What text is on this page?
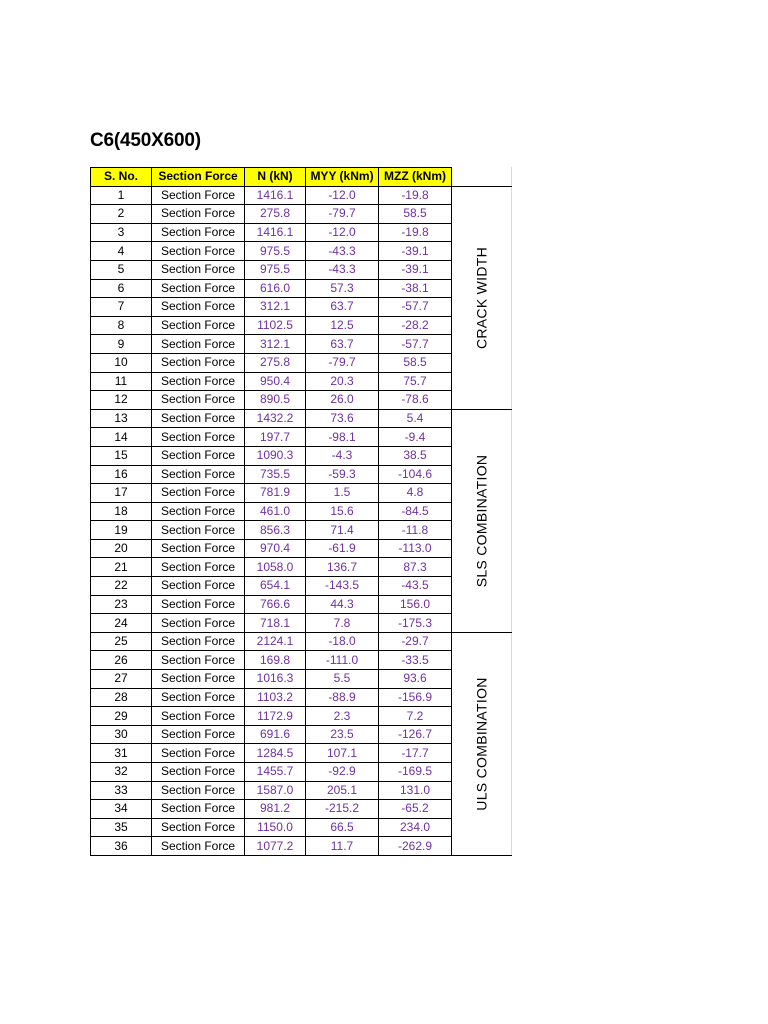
C6(450X600)
S. No.	Section Force	N (kN)	MYY (kNm)	MZZ (kNm)	
1	Section Force	1416.1	-12.0	-19.8	CRACK WIDTH

2	Section Force	275.8	-79.7	58.5	
3	Section Force	1416.1	-12.0	-19.8	
4	Section Force	975.5	-43.3	-39.1	
5	Section Force	975.5	-43.3	-39.1	
6	Section Force	616.0	57.3	-38.1	
7	Section Force	312.1	63.7	-57.7	
8	Section Force	1102.5	12.5	-28.2	
9	Section Force	312.1	63.7	-57.7	
10	Section Force	275.8	-79.7	58.5	
11	Section Force	950.4	20.3	75.7	
12	Section Force	890.5	26.0	-78.6	
13	Section Force	1432.2	73.6	5.4	SLS COMBINATION

14	Section Force	197.7	-98.1	-9.4	
15	Section Force	1090.3	-4.3	38.5	
16	Section Force	735.5	-59.3	-104.6	
17	Section Force	781.9	1.5	4.8	
18	Section Force	461.0	15.6	-84.5	
19	Section Force	856.3	71.4	-11.8	
20	Section Force	970.4	-61.9	-113.0	
21	Section Force	1058.0	136.7	87.3	
22	Section Force	654.1	-143.5	-43.5	
23	Section Force	766.6	44.3	156.0	
24	Section Force	718.1	7.8	-175.3	
25	Section Force	2124.1	-18.0	-29.7	ULS COMBINATION

26	Section Force	169.8	-111.0	-33.5	
27	Section Force	1016.3	5.5	93.6	
28	Section Force	1103.2	-88.9	-156.9	
29	Section Force	1172.9	2.3	7.2	
30	Section Force	691.6	23.5	-126.7	
31	Section Force	1284.5	107.1	-17.7	
32	Section Force	1455.7	-92.9	-169.5	
33	Section Force	1587.0	205.1	131.0	
34	Section Force	981.2	-215.2	-65.2	
35	Section Force	1150.0	66.5	234.0	
36	Section Force	1077.2	11.7	-262.9	
